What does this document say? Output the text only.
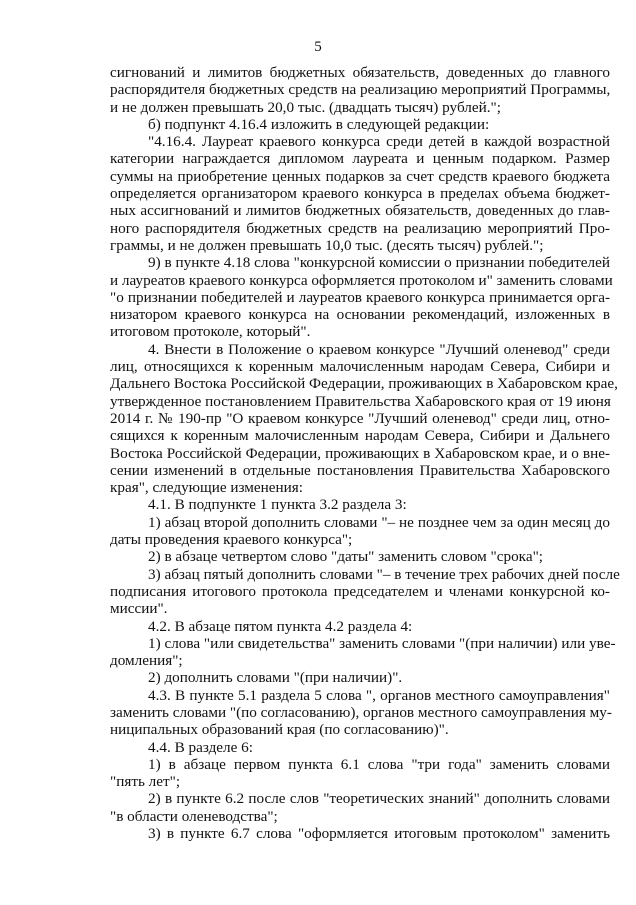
5
сигнований и лимитов бюджетных обязательств, доведенных до главного
распорядителя бюджетных средств на реализацию мероприятий Программы,
и не должен превышать 20,0 тыс. (двадцать тысяч) рублей.";
б) подпункт 4.16.4 изложить в следующей редакции:
"4.16.4. Лауреат краевого конкурса среди детей в каждой возрастной
категории награждается дипломом лауреата и ценным подарком. Размер
суммы на приобретение ценных подарков за счет средств краевого бюджета
определяется организатором краевого конкурса в пределах объема бюджет-
ных ассигнований и лимитов бюджетных обязательств, доведенных до глав-
ного распорядителя бюджетных средств на реализацию мероприятий Про-
граммы, и не должен превышать 10,0 тыс. (десять тысяч) рублей.";
9) в пункте 4.18 слова "конкурсной комиссии о признании победителей
и лауреатов краевого конкурса оформляется протоколом и" заменить словами
"о признании победителей и лауреатов краевого конкурса принимается орга-
низатором краевого конкурса на основании рекомендаций, изложенных в
итоговом протоколе, который".
4. Внести в Положение о краевом конкурсе "Лучший оленевод" среди
лиц, относящихся к коренным малочисленным народам Севера, Сибири и
Дальнего Востока Российской Федерации, проживающих в Хабаровском крае,
утвержденное постановлением Правительства Хабаровского края от 19 июня
2014 г. № 190-пр "О краевом конкурсе "Лучший оленевод" среди лиц, отно-
сящихся к коренным малочисленным народам Севера, Сибири и Дальнего
Востока Российской Федерации, проживающих в Хабаровском крае, и о вне-
сении изменений в отдельные постановления Правительства Хабаровского
края", следующие изменения:
4.1. В подпункте 1 пункта 3.2 раздела 3:
1) абзац второй дополнить словами "– не позднее чем за один месяц до
даты проведения краевого конкурса";
2) в абзаце четвертом слово "даты" заменить словом "срока";
3) абзац пятый дополнить словами "– в течение трех рабочих дней после
подписания итогового протокола председателем и членами конкурсной ко-
миссии".
4.2. В абзаце пятом пункта 4.2 раздела 4:
1) слова "или свидетельства" заменить словами "(при наличии) или уве-
домления";
2) дополнить словами "(при наличии)".
4.3. В пункте 5.1 раздела 5 слова ", органов местного самоуправления"
заменить словами "(по согласованию), органов местного самоуправления му-
ниципальных образований края (по согласованию)".
4.4. В разделе 6:
1) в абзаце первом пункта 6.1 слова "три года" заменить словами
"пять лет";
2) в пункте 6.2 после слов "теоретических знаний" дополнить словами
"в области оленеводства";
3) в пункте 6.7 слова "оформляется итоговым протоколом" заменить
